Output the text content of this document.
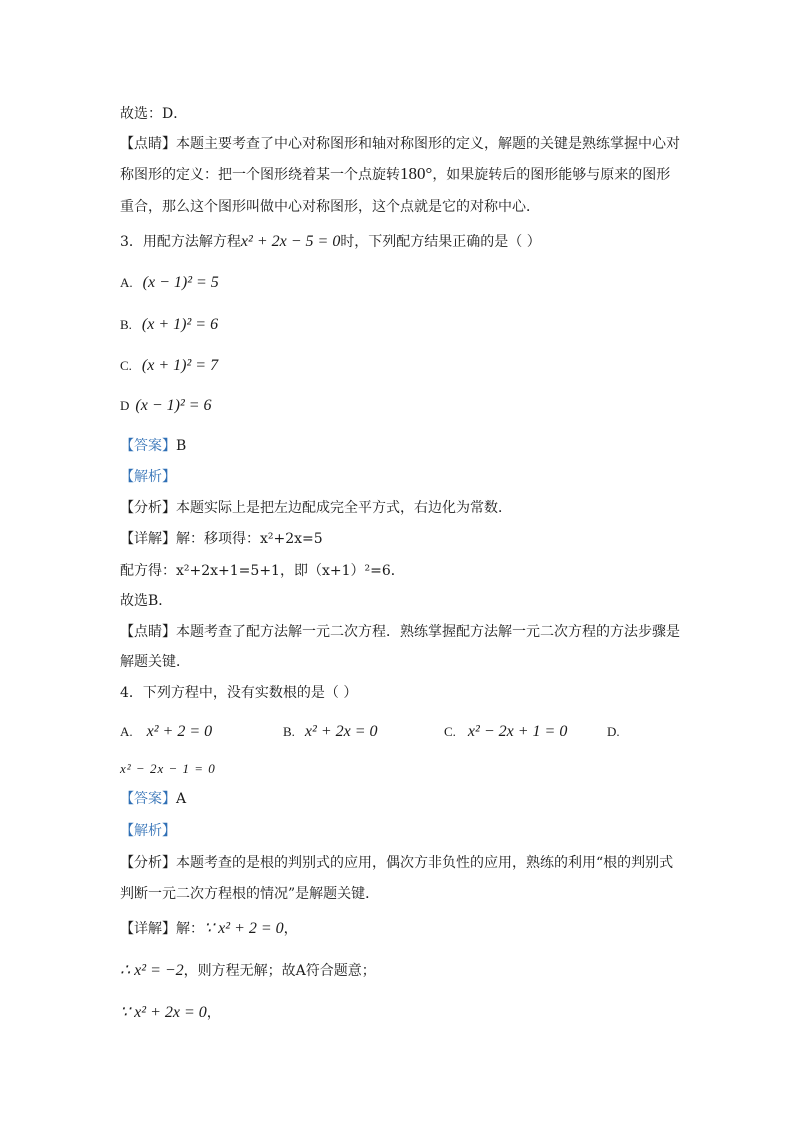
故选：D．
【点睛】本题主要考查了中心对称图形和轴对称图形的定义，解题的关键是熟练掌握中心对
称图形的定义：把一个图形绕着某一个点旋转180°，如果旋转后的图形能够与原来的图形
重合，那么这个图形叫做中心对称图形，这个点就是它的对称中心．
3．用配方法解方程x² + 2x − 5 = 0时，下列配方结果正确的是（ ）
A. (x − 1)² = 5
B. (x + 1)² = 6
C. (x + 1)² = 7
D (x − 1)² = 6
【答案】B
【解析】
【分析】本题实际上是把左边配成完全平方式，右边化为常数．
【详解】解：移项得：x²+2x=5
配方得：x²+2x+1=5+1，即（x+1）²=6．
故选B．
【点睛】本题考查了配方法解一元二次方程．熟练掌握配方法解一元二次方程的方法步骤是
解题关键．
4．下列方程中，没有实数根的是（ ）
A. x² + 2 = 0	B. x² + 2x = 0	C. x² − 2x + 1 = 0	D.
x² − 2x − 1 = 0
【答案】A
【解析】
【分析】本题考查的是根的判别式的应用，偶次方非负性的应用，熟练的利用“根的判别式
判断一元二次方程根的情况”是解题关键．
【详解】解：∵ x² + 2 = 0，
∴ x² = −2，则方程无解；故A符合题意；
∵ x² + 2x = 0，
